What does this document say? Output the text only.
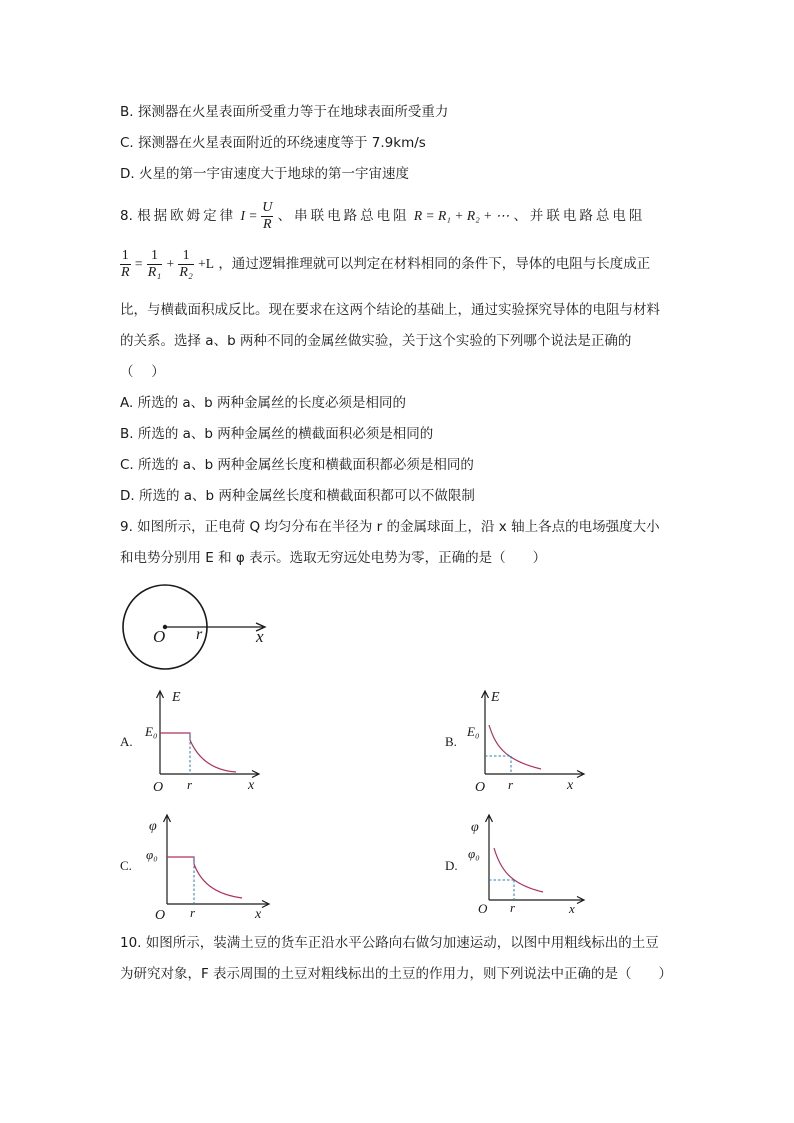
B. 探测器在火星表面所受重力等于在地球表面所受重力
C. 探测器在火星表面附近的环绕速度等于 7.9km/s
D. 火星的第一宇宙速度大于地球的第一宇宙速度
8. 根据欧姆定律 $I = \frac{U}{R}$ 、串联电路总电阻 R = R₁ + R₂ + ⋯ 、并联电路总电阻
$\frac{1}{R} = \frac{1}{\text{R₁}} + \frac{1}{\text{R₂}} +L$ ，通过逻辑推理就可以判定在材料相同的条件下，导体的电阻与长度成正
比，与横截面积成反比。现在要求在这两个结论的基础上，通过实验探究导体的电阻与材料
的关系。选择 a、b 两种不同的金属丝做实验，关于这个实验的下列哪个说法是正确的
（　 ）
A. 所选的 a、b 两种金属丝的长度必须是相同的
B. 所选的 a、b 两种金属丝的横截面积必须是相同的
C. 所选的 a、b 两种金属丝长度和横截面积都必须是相同的
D. 所选的 a、b 两种金属丝长度和横截面积都可以不做限制
9. 如图所示，正电荷 Q 均匀分布在半径为 r 的金属球面上，沿 x 轴上各点的电场强度大小
和电势分别用 E 和 φ 表示。选取无穷远处电势为零，正确的是（　　）
O r	x
A.
E
E₀
O r	x
B.
E
E₀
O r	x
C.
φ
φ₀
O r	x
D.
φ
φ₀
O r	x
10. 如图所示，装满土豆的货车正沿水平公路向右做匀加速运动，以图中用粗线标出的土豆
为研究对象，F 表示周围的土豆对粗线标出的土豆的作用力，则下列说法中正确的是（　　）
